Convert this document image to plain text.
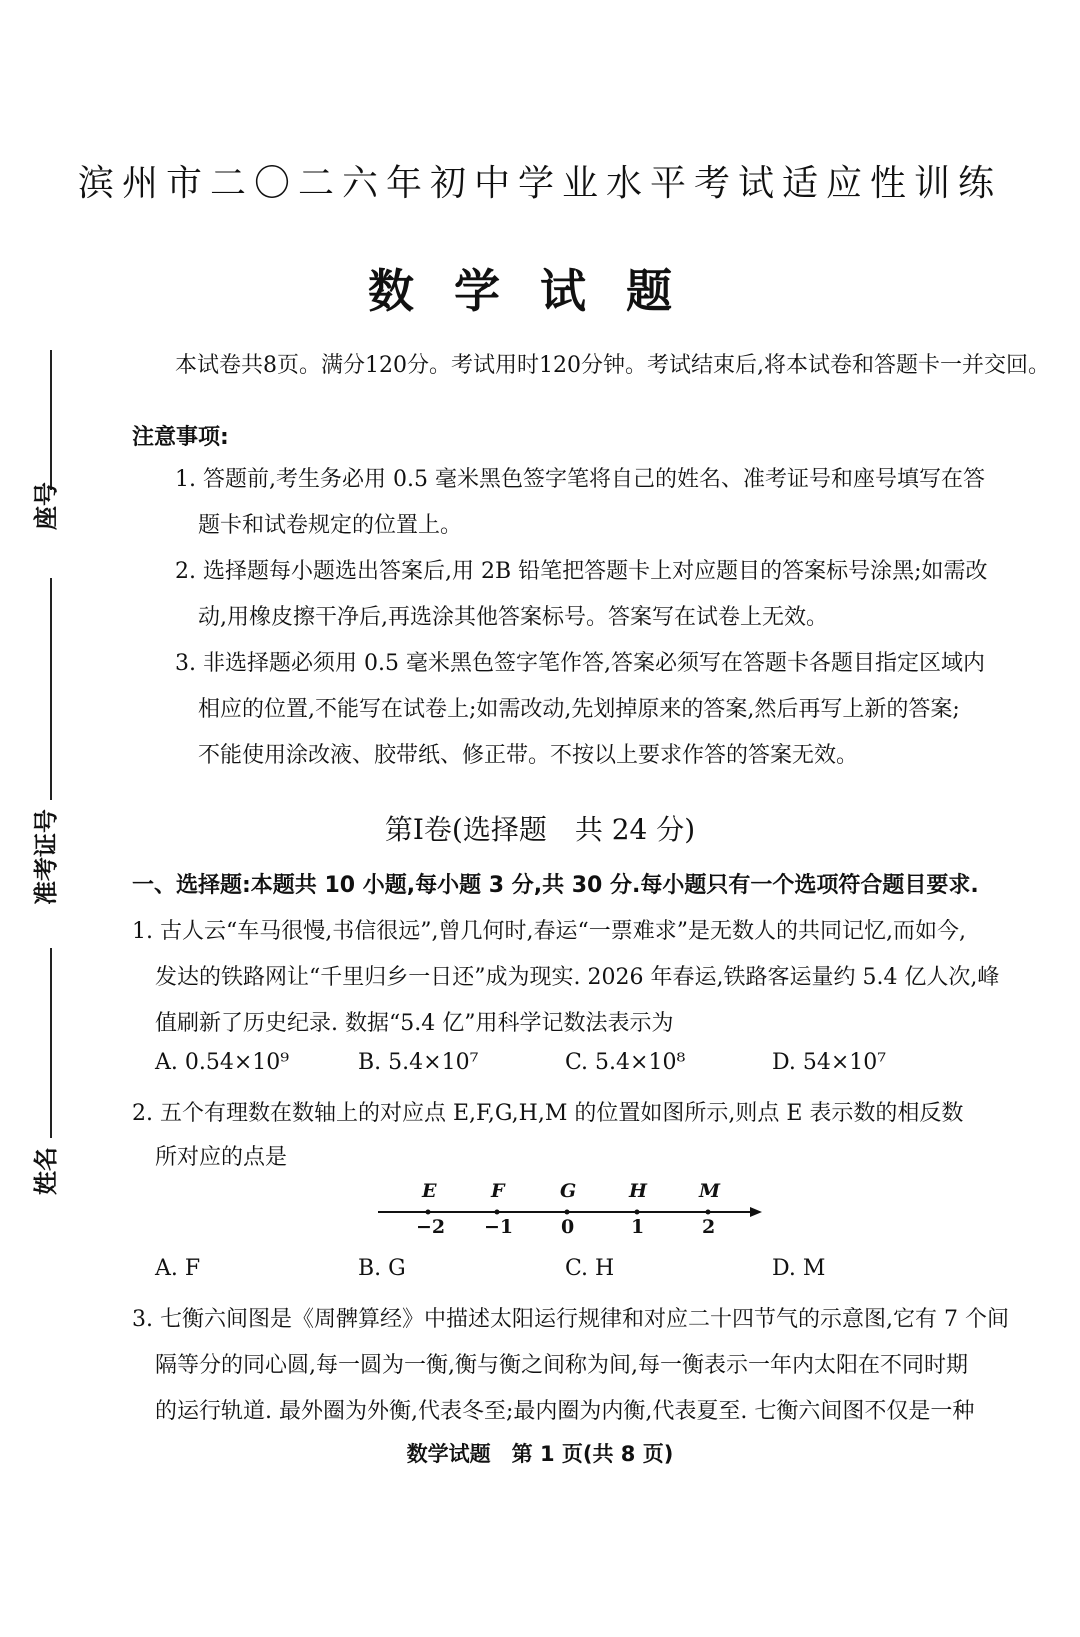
座号
准考证号
姓名
滨州市二〇二六年初中学业水平考试适应性训练
数学试题
本试卷共8页。满分120分。考试用时120分钟。考试结束后,将本试卷和答题卡一并交回。
注意事项:
1. 答题前,考生务必用 0.5 毫米黑色签字笔将自己的姓名、准考证号和座号填写在答
题卡和试卷规定的位置上。
2. 选择题每小题选出答案后,用 2B 铅笔把答题卡上对应题目的答案标号涂黑;如需改
动,用橡皮擦干净后,再选涂其他答案标号。答案写在试卷上无效。
3. 非选择题必须用 0.5 毫米黑色签字笔作答,答案必须写在答题卡各题目指定区域内
相应的位置,不能写在试卷上;如需改动,先划掉原来的答案,然后再写上新的答案;
不能使用涂改液、胶带纸、修正带。不按以上要求作答的答案无效。
第Ⅰ卷(选择题　共 24 分)
一、选择题:本题共 10 小题,每小题 3 分,共 30 分.每小题只有一个选项符合题目要求.
1. 古人云“车马很慢,书信很远”,曾几何时,春运“一票难求”是无数人的共同记忆,而如今,
发达的铁路网让“千里归乡一日还”成为现实. 2026 年春运,铁路客运量约 5.4 亿人次,峰
值刷新了历史纪录. 数据“5.4 亿”用科学记数法表示为
A. 0.54×10⁹	B. 5.4×10⁷	C. 5.4×10⁸	D. 54×10⁷
2. 五个有理数在数轴上的对应点 E,F,G,H,M 的位置如图所示,则点 E 表示数的相反数
所对应的点是
E	F	G	H	M
−2 −1	0	1	2
A. F	B. G	C. H	D. M
3. 七衡六间图是《周髀算经》中描述太阳运行规律和对应二十四节气的示意图,它有 7 个间
隔等分的同心圆,每一圆为一衡,衡与衡之间称为间,每一衡表示一年内太阳在不同时期
的运行轨道. 最外圈为外衡,代表冬至;最内圈为内衡,代表夏至. 七衡六间图不仅是一种
数学试题　第 1 页(共 8 页)
